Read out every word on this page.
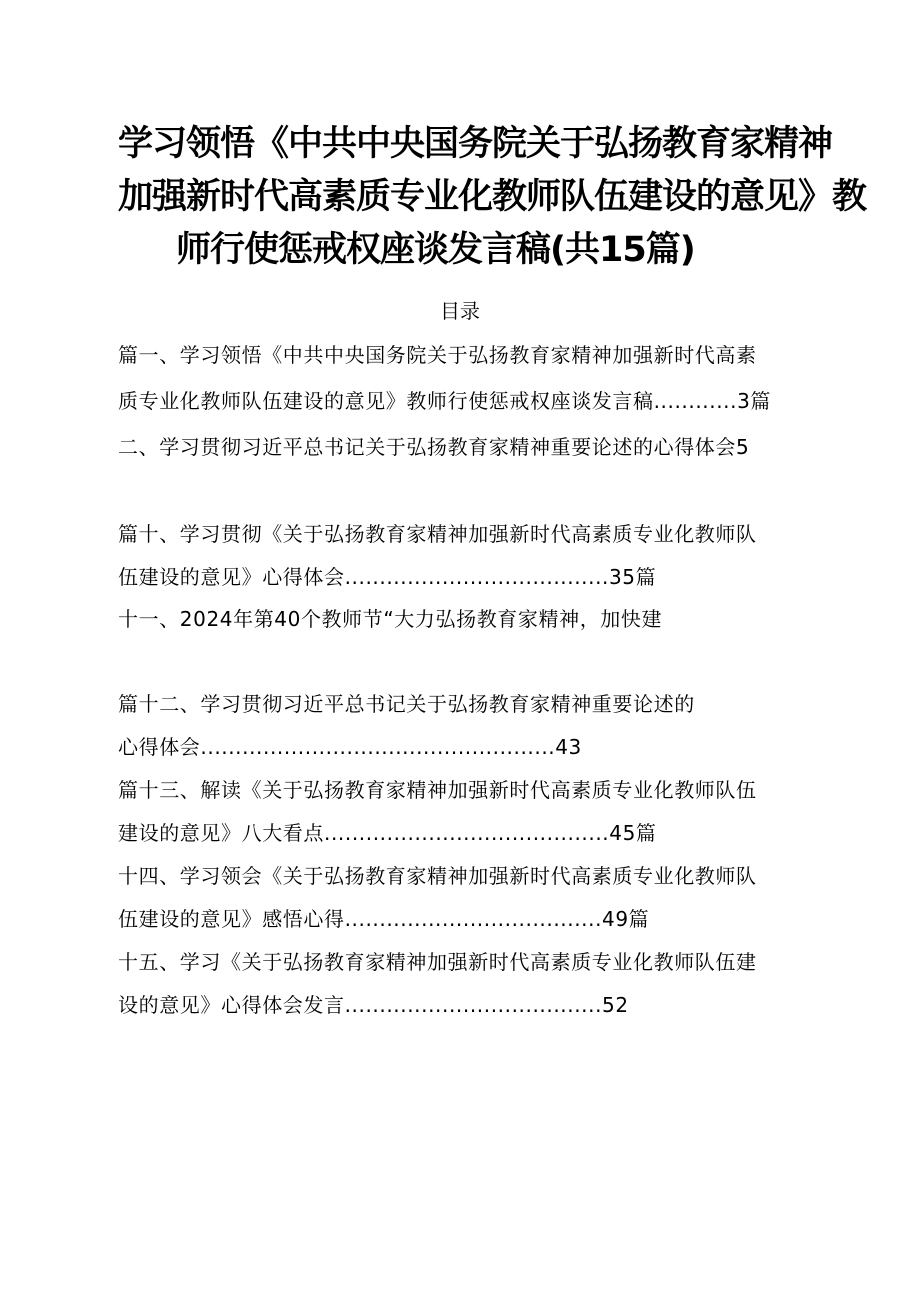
学习领悟《中共中央国务院关于弘扬教育家精神
加强新时代高素质专业化教师队伍建设的意见》教
师行使惩戒权座谈发言稿(共15篇)
目录
篇一、学习领悟《中共中央国务院关于弘扬教育家精神加强新时代高素
质专业化教师队伍建设的意见》教师行使惩戒权座谈发言稿............3篇
二、学习贯彻习近平总书记关于弘扬教育家精神重要论述的心得体会5
篇十、学习贯彻《关于弘扬教育家精神加强新时代高素质专业化教师队
伍建设的意见》心得体会......................................35篇
十一、2024年第40个教师节“大力弘扬教育家精神，加快建
篇十二、学习贯彻习近平总书记关于弘扬教育家精神重要论述的
心得体会...................................................43
篇十三、解读《关于弘扬教育家精神加强新时代高素质专业化教师队伍
建设的意见》八大看点.........................................45篇
十四、学习领会《关于弘扬教育家精神加强新时代高素质专业化教师队
伍建设的意见》感悟心得.....................................49篇
十五、学习《关于弘扬教育家精神加强新时代高素质专业化教师队伍建
设的意见》心得体会发言.....................................52
